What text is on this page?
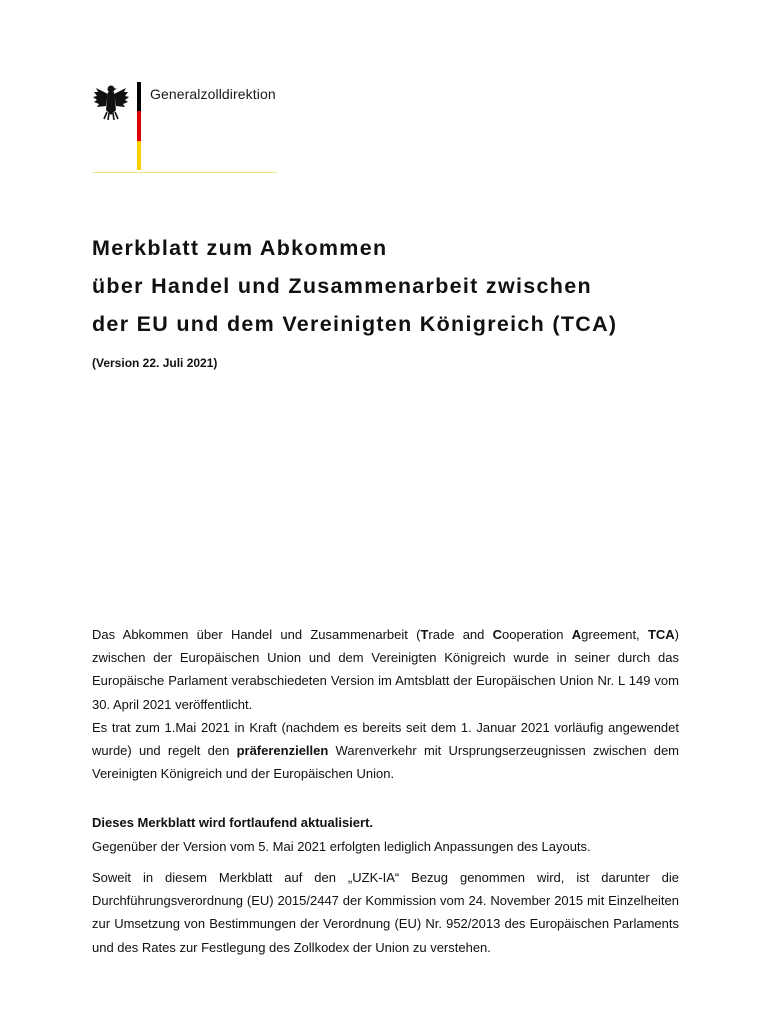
Generalzolldirektion
Merkblatt zum Abkommen
über Handel und Zusammenarbeit zwischen
der EU und dem Vereinigten Königreich (TCA)
(Version 22. Juli 2021)

Das Abkommen über Handel und Zusammenarbeit (Trade and Cooperation Agreement, TCA) zwischen der Europäischen Union und dem Vereinigten Königreich wurde in seiner durch das Europäische Parlament verabschiedeten Version im Amtsblatt der Europäischen Union Nr. L 149 vom 30. April 2021 veröffentlicht.

Es trat zum 1.Mai 2021 in Kraft (nachdem es bereits seit dem 1. Januar 2021 vorläufig angewendet wurde) und regelt den präferenziellen Warenverkehr mit Ursprungserzeugnissen zwischen dem Vereinigten Königreich und der Europäischen Union.

Dieses Merkblatt wird fortlaufend aktualisiert.
Gegenüber der Version vom 5. Mai 2021 erfolgten lediglich Anpassungen des Layouts.

Soweit in diesem Merkblatt auf den „UZK-IA“ Bezug genommen wird, ist darunter die Durchführungsverordnung (EU) 2015/2447 der Kommission vom 24. November 2015 mit Einzelheiten zur Umsetzung von Bestimmungen der Verordnung (EU) Nr. 952/2013 des Europäischen Parlaments und des Rates zur Festlegung des Zollkodex der Union zu verstehen.
